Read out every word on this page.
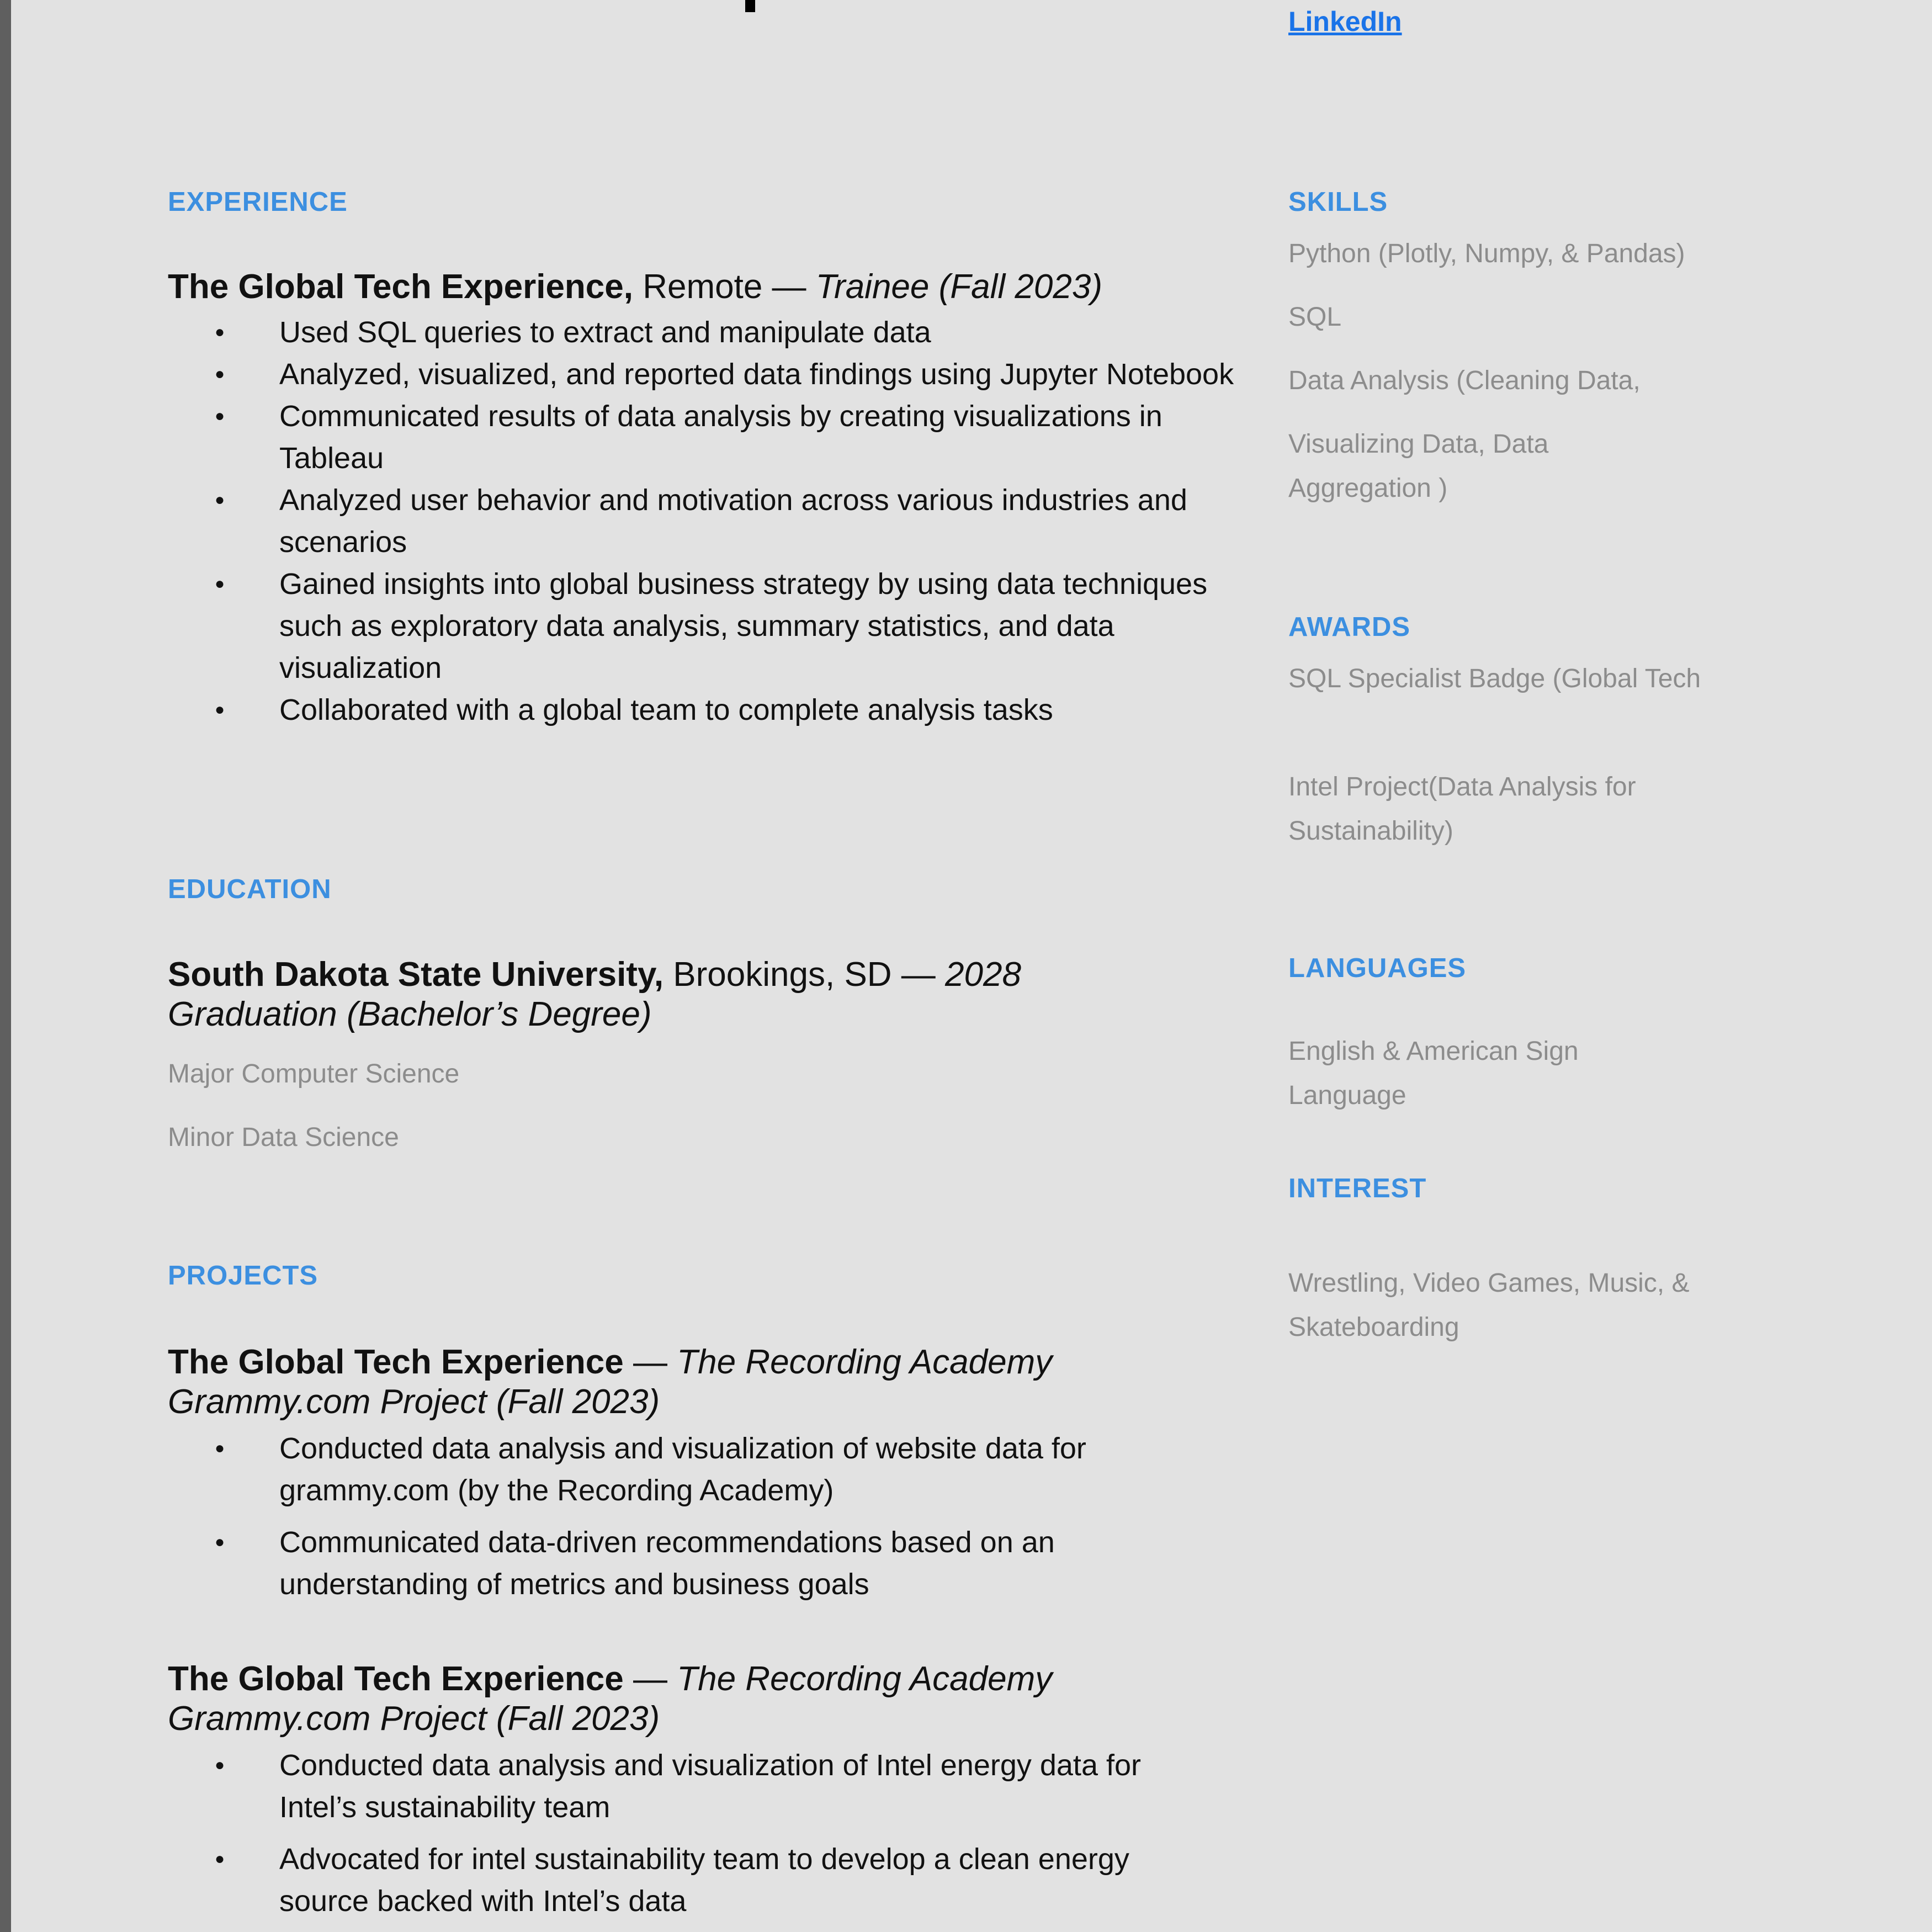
LinkedIn
EXPERIENCE
The Global Tech Experience, Remote — Trainee (Fall 2023)
● Used SQL queries to extract and manipulate data
● Analyzed, visualized, and reported data findings using Jupyter Notebook
● Communicated results of data analysis by creating visualizations in Tableau
● Analyzed user behavior and motivation across various industries and scenarios
● Gained insights into global business strategy by using data techniques such as exploratory data analysis, summary statistics, and data visualization
● Collaborated with a global team to complete analysis tasks
EDUCATION
South Dakota State University, Brookings, SD — 2028 Graduation (Bachelor’s Degree)
Major Computer Science
Minor Data Science
PROJECTS
The Global Tech Experience — The Recording Academy Grammy.com Project (Fall 2023)
● Conducted data analysis and visualization of website data for grammy.com (by the Recording Academy)
● Communicated data-driven recommendations based on an understanding of metrics and business goals
The Global Tech Experience — The Recording Academy Grammy.com Project (Fall 2023)
● Conducted data analysis and visualization of Intel energy data for Intel’s sustainability team
● Advocated for intel sustainability team to develop a clean energy source backed with Intel’s data
SKILLS
Python (Plotly, Numpy, & Pandas)
SQL
Data Analysis (Cleaning Data,
Visualizing Data, Data Aggregation )
AWARDS
SQL Specialist Badge (Global Tech
Intel Project(Data Analysis for Sustainability)
LANGUAGES
English & American Sign Language
INTEREST
Wrestling, Video Games, Music, & Skateboarding
